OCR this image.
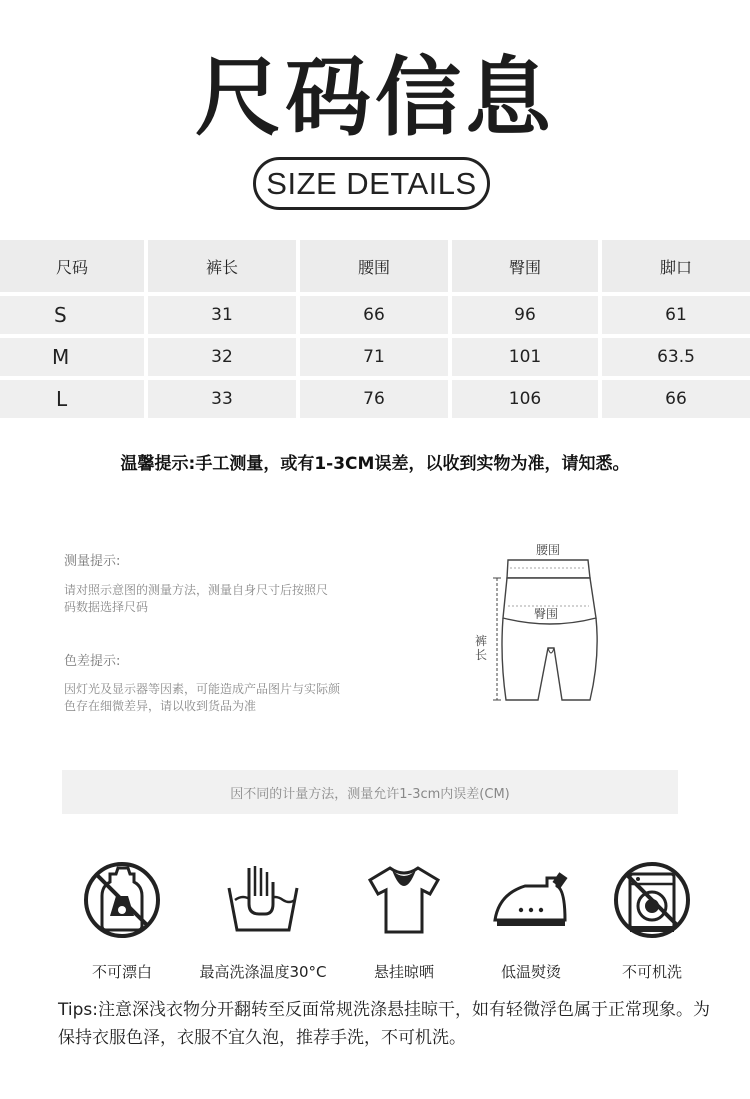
尺码信息
SIZE DETAILS
尺码	裤长	腰围	臀围	脚口
S	31	66	96	61
M	32	71	101	63.5
L	33	76	106	66
温馨提示:手工测量，或有1-3CM误差，以收到实物为准，请知悉。
测量提示:
请对照示意图的测量方法，测量自身尺寸后按照尺码数据选择尺码
色差提示:
因灯光及显示器等因素，可能造成产品图片与实际颜色存在细微差异，请以收到货品为准
腰围
臀围
裤长
因不同的计量方法，测量允许1-3cm内误差(CM)
不可漂白	最高洗涤温度30°C	悬挂晾晒	低温熨烫	不可机洗
Tips:注意深浅衣物分开翻转至反面常规洗涤悬挂晾干，如有轻微浮色属于正常现象。为保持衣服色泽，衣服不宜久泡，推荐手洗，不可机洗。
